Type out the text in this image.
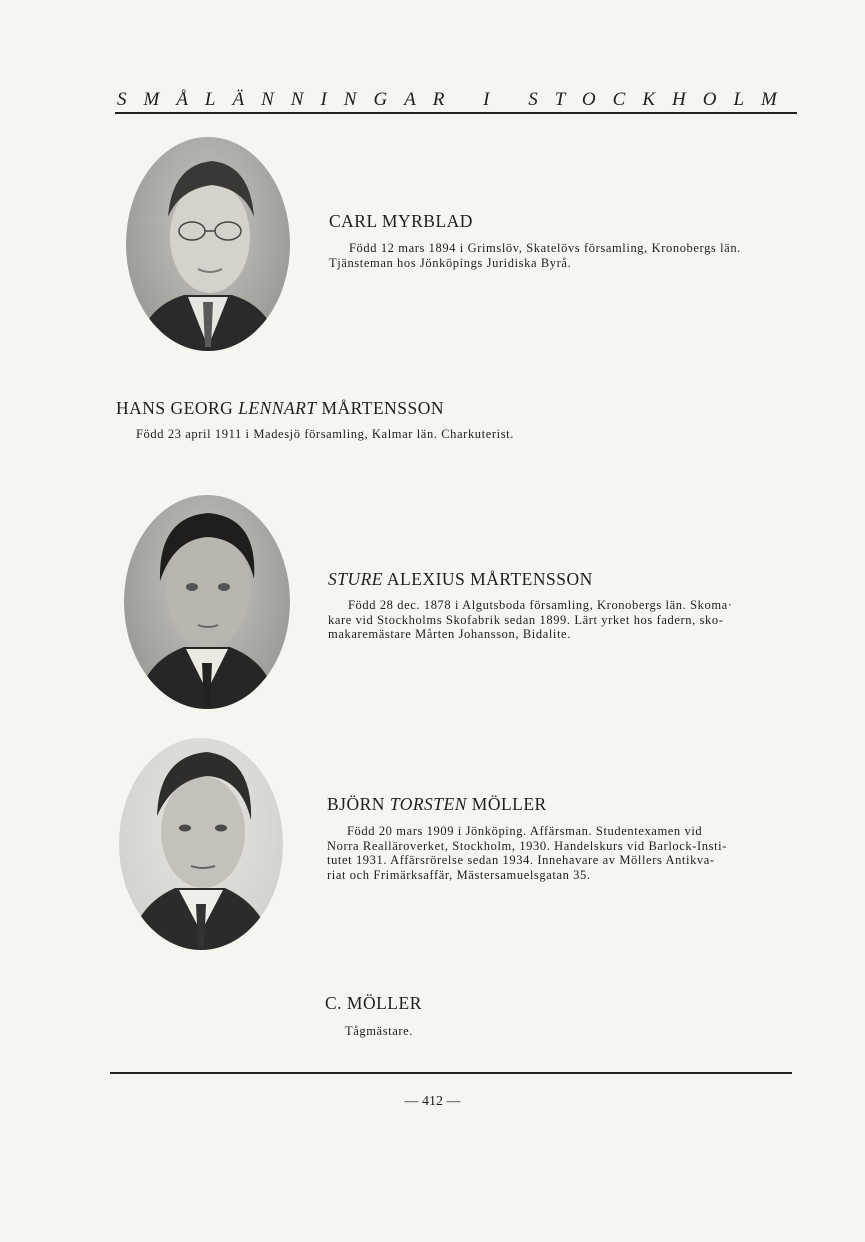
SMÅLÄNNINGAR I STOCKHOLM
CARL MYRBLAD
Född 12 mars 1894 i Grimslöv, Skatelövs församling, Kronobergs län.
Tjänsteman hos Jönköpings Juridiska Byrå.
HANS GEORG LENNART MÅRTENSSON
Född 23 april 1911 i Madesjö församling, Kalmar län. Charkuterist.
STURE ALEXIUS MÅRTENSSON
Född 28 dec. 1878 i Algutsboda församling, Kronobergs län. Skoma·
kare vid Stockholms Skofabrik sedan 1899. Lärt yrket hos fadern, sko-
makaremästare Mårten Johansson, Bidalite.
BJÖRN TORSTEN MÖLLER
Född 20 mars 1909 i Jönköping. Affärsman. Studentexamen vid
Norra Realläroverket, Stockholm, 1930. Handelskurs vid Barlock-Insti-
tutet 1931. Affärsrörelse sedan 1934. Innehavare av Möllers Antikva-
riat och Frimärksaffär, Mästersamuelsgatan 35.
C. MÖLLER
Tågmästare.
— 412 —
